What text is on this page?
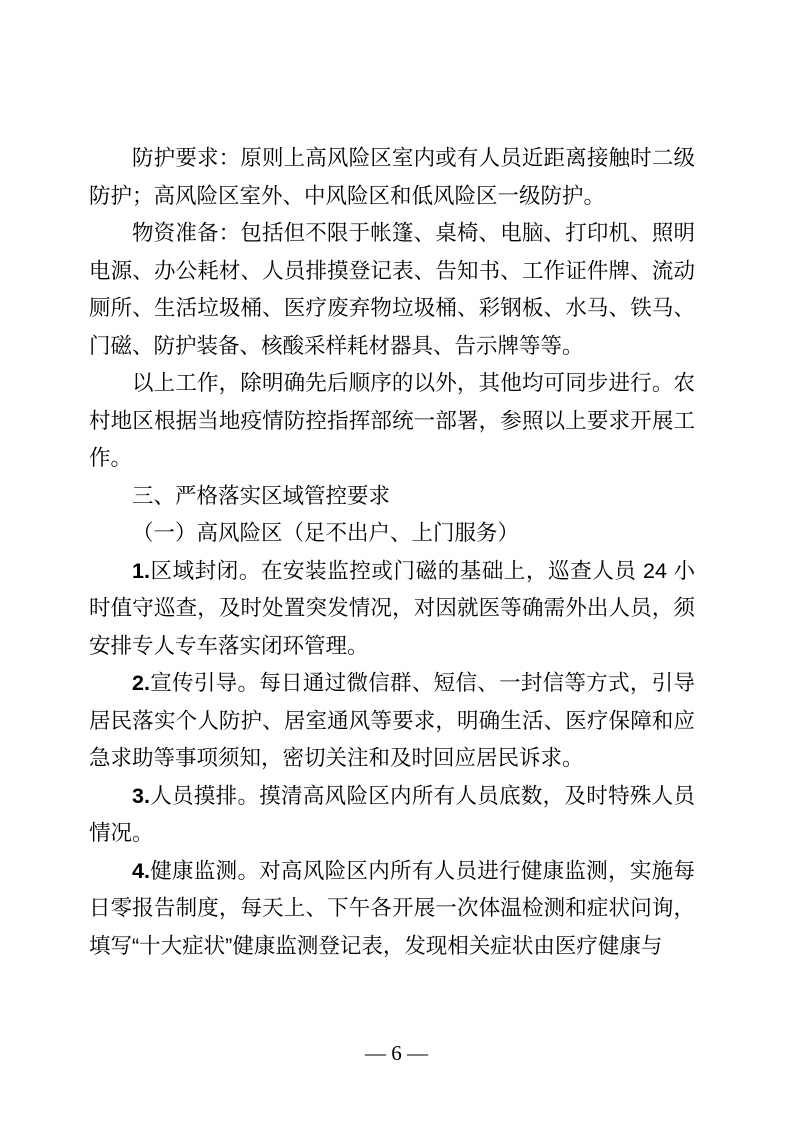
防护要求：原则上高风险区室内或有人员近距离接触时二级防护；高风险区室外、中风险区和低风险区一级防护。

物资准备：包括但不限于帐篷、桌椅、电脑、打印机、照明电源、办公耗材、人员排摸登记表、告知书、工作证件牌、流动厕所、生活垃圾桶、医疗废弃物垃圾桶、彩钢板、水马、铁马、门磁、防护装备、核酸采样耗材器具、告示牌等等。

以上工作，除明确先后顺序的以外，其他均可同步进行。农村地区根据当地疫情防控指挥部统一部署，参照以上要求开展工作。

三、严格落实区域管控要求

（一）高风险区（足不出户、上门服务）

1.区域封闭。在安装监控或门磁的基础上，巡查人员 24 小时值守巡查，及时处置突发情况，对因就医等确需外出人员，须安排专人专车落实闭环管理。

2.宣传引导。每日通过微信群、短信、一封信等方式，引导居民落实个人防护、居室通风等要求，明确生活、医疗保障和应急求助等事项须知，密切关注和及时回应居民诉求。

3.人员摸排。摸清高风险区内所有人员底数，及时特殊人员情况。

4.健康监测。对高风险区内所有人员进行健康监测，实施每日零报告制度，每天上、下午各开展一次体温检测和症状问询，填写“十大症状”健康监测登记表，发现相关症状由医疗健康与

— 6 —
